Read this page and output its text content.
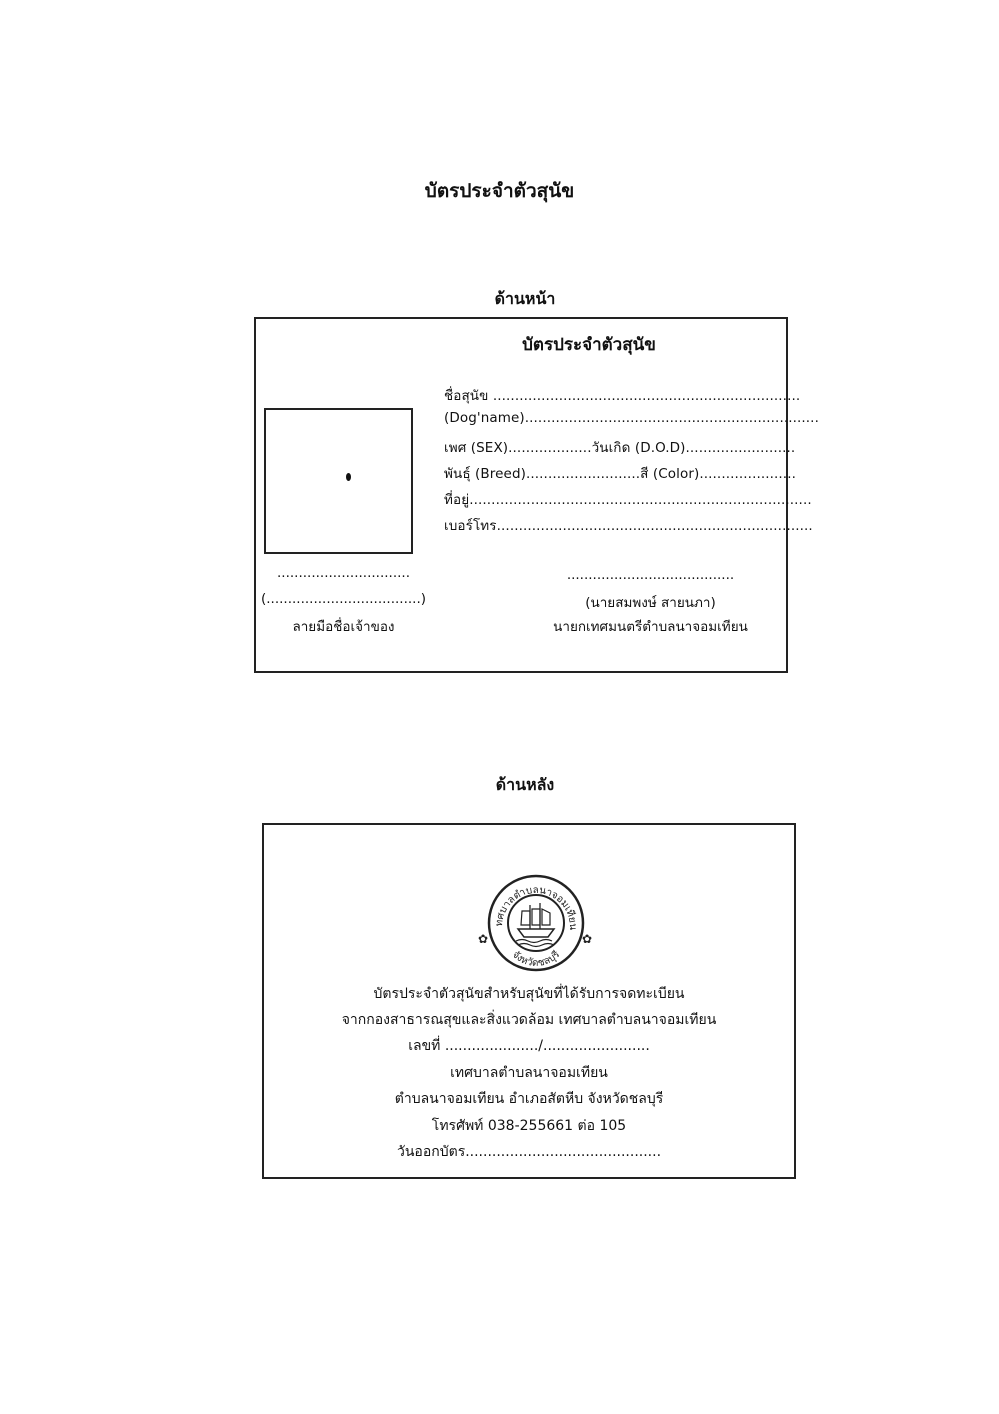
บัตรประจำตัวสุนัข
ด้านหน้า
บัตรประจำตัวสุนัข
ชื่อสุนัข ......................................................................
(Dog'name)...................................................................
เพศ (SEX)...................วันเกิด (D.O.D).........................
พันธุ์ (Breed)..........................สี (Color)......................
ที่อยู่..............................................................................
เบอร์โทร........................................................................
...............................
(....................................)
ลายมือชื่อเจ้าของ
.......................................
(นายสมพงษ์ สายนภา)
นายกเทศมนตรีตำบลนาจอมเทียน
ด้านหลัง
ทศบาลตำบลนาจอมเทียน
จังหวัดชลบุรี
✿	✿
บัตรประจำตัวสุนัขสำหรับสุนัขที่ได้รับการจดทะเบียน
จากกองสาธารณสุขและสิ่งแวดล้อม เทศบาลตำบลนาจอมเทียน
เลขที่ ...................../........................
เทศบาลตำบลนาจอมเทียน
ตำบลนาจอมเทียน อำเภอสัตหีบ จังหวัดชลบุรี
โทรศัพท์ 038-255661 ต่อ 105
วันออกบัตร............................................
